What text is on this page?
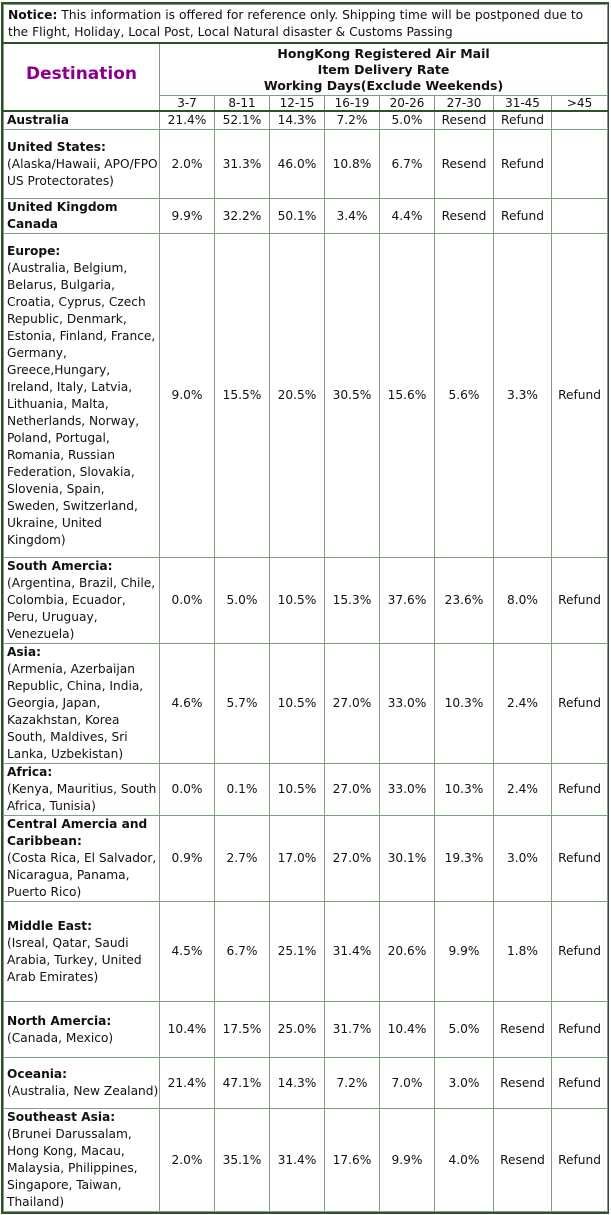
Notice: This information is offered for reference only. Shipping time will be postponed due to the Flight, Holiday, Local Post, Local Natural disaster & Customs Passing								
Destination	HongKong Registered Air Mail
Item Delivery Rate
Working Days(Exclude Weekends)							

	3-7	8-11	12-15	16-19	20-26	27-30	31-45	>45

Australia	21.4%	52.1%	14.3%	7.2%	5.0%	Resend	Refund	

United States:
(Alaska/Hawaii, APO/FPO US Protectorates)	2.0%	31.3%	46.0%	10.8%	6.7%	Resend	Refund	

United Kingdom Canada	9.9%	32.2%	50.1%	3.4%	4.4%	Resend	Refund	

Europe:
(Australia, Belgium, Belarus, Bulgaria, Croatia, Cyprus, Czech Republic, Denmark, Estonia, Finland, France, Germany, Greece,Hungary, Ireland, Italy, Latvia, Lithuania, Malta, Netherlands, Norway, Poland, Portugal, Romania, Russian Federation, Slovakia, Slovenia, Spain, Sweden, Switzerland, Ukraine, United Kingdom)	9.0%	15.5%	20.5%	30.5%	15.6%	5.6%	3.3%	Refund

South Amercia:
(Argentina, Brazil, Chile, Colombia, Ecuador, Peru, Uruguay, Venezuela)	0.0%	5.0%	10.5%	15.3%	37.6%	23.6%	8.0%	Refund

Asia:
(Armenia, Azerbaijan Republic, China, India, Georgia, Japan, Kazakhstan, Korea South, Maldives, Sri Lanka, Uzbekistan)	4.6%	5.7%	10.5%	27.0%	33.0%	10.3%	2.4%	Refund

Africa:
(Kenya, Mauritius, South Africa, Tunisia)	0.0%	0.1%	10.5%	27.0%	33.0%	10.3%	2.4%	Refund

Central Amercia and Caribbean:
(Costa Rica, El Salvador, Nicaragua, Panama, Puerto Rico)	0.9%	2.7%	17.0%	27.0%	30.1%	19.3%	3.0%	Refund

Middle East:
(Isreal, Qatar, Saudi Arabia, Turkey, United Arab Emirates)	4.5%	6.7%	25.1%	31.4%	20.6%	9.9%	1.8%	Refund

North Amercia:
(Canada, Mexico)	10.4%	17.5%	25.0%	31.7%	10.4%	5.0%	Resend	Refund

Oceania:
(Australia, New Zealand)	21.4%	47.1%	14.3%	7.2%	7.0%	3.0%	Resend	Refund

Southeast Asia:
(Brunei Darussalam, Hong Kong, Macau, Malaysia, Philippines, Singapore, Taiwan, Thailand)	2.0%	35.1%	31.4%	17.6%	9.9%	4.0%	Resend	Refund
